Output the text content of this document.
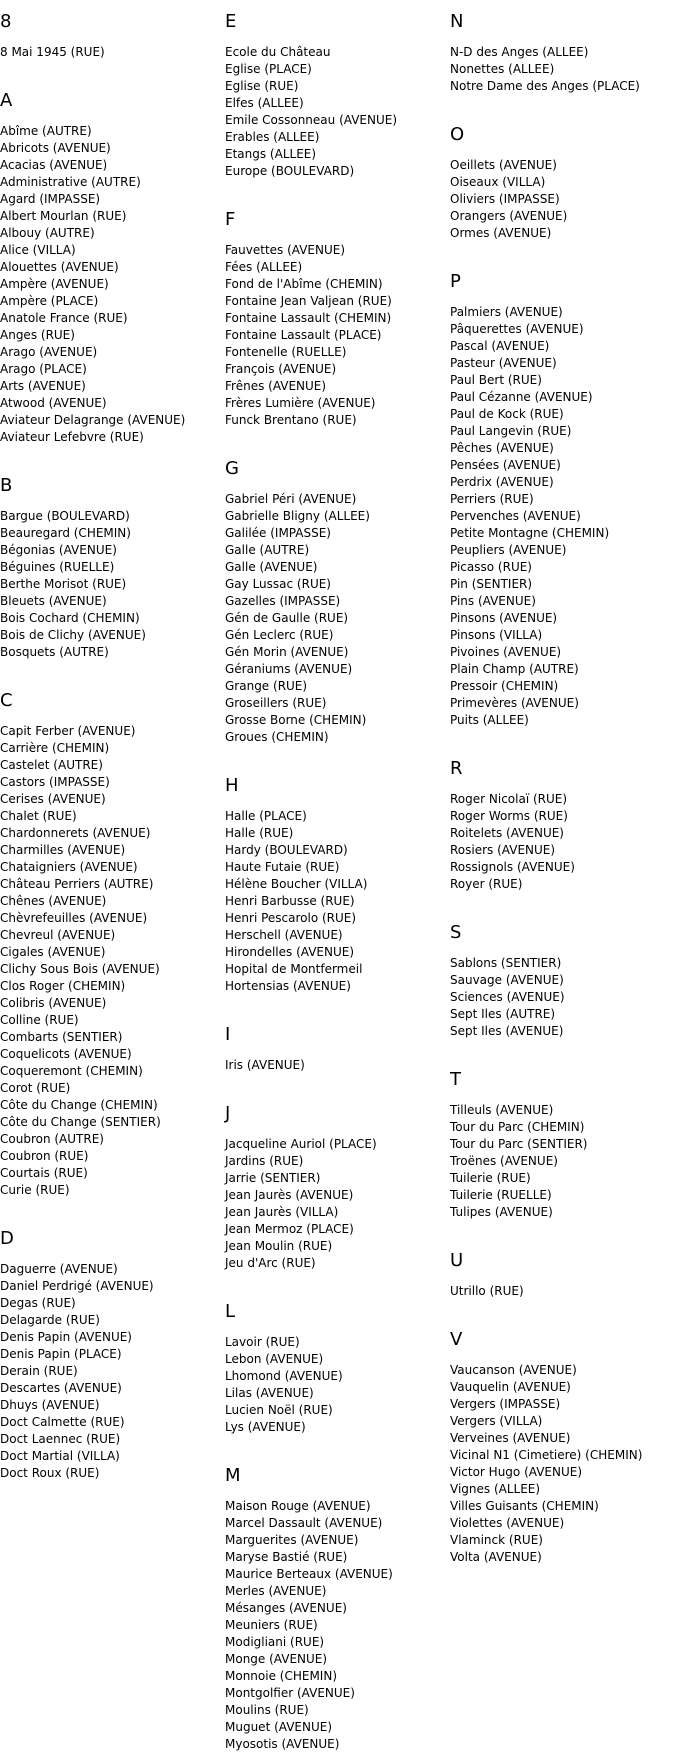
8
8 Mai 1945 (RUE)
A
Abîme (AUTRE)
Abricots (AVENUE)
Acacias (AVENUE)
Administrative (AUTRE)
Agard (IMPASSE)
Albert Mourlan (RUE)
Albouy (AUTRE)
Alice (VILLA)
Alouettes (AVENUE)
Ampère (AVENUE)
Ampère (PLACE)
Anatole France (RUE)
Anges (RUE)
Arago (AVENUE)
Arago (PLACE)
Arts (AVENUE)
Atwood (AVENUE)
Aviateur Delagrange (AVENUE)
Aviateur Lefebvre (RUE)
B
Bargue (BOULEVARD)
Beauregard (CHEMIN)
Bégonias (AVENUE)
Béguines (RUELLE)
Berthe Morisot (RUE)
Bleuets (AVENUE)
Bois Cochard (CHEMIN)
Bois de Clichy (AVENUE)
Bosquets (AUTRE)
C
Capit Ferber (AVENUE)
Carrière (CHEMIN)
Castelet (AUTRE)
Castors (IMPASSE)
Cerises (AVENUE)
Chalet (RUE)
Chardonnerets (AVENUE)
Charmilles (AVENUE)
Chataigniers (AVENUE)
Château Perriers (AUTRE)
Chênes (AVENUE)
Chèvrefeuilles (AVENUE)
Chevreul (AVENUE)
Cigales (AVENUE)
Clichy Sous Bois (AVENUE)
Clos Roger (CHEMIN)
Colibris (AVENUE)
Colline (RUE)
Combarts (SENTIER)
Coquelicots (AVENUE)
Coqueremont (CHEMIN)
Corot (RUE)
Côte du Change (CHEMIN)
Côte du Change (SENTIER)
Coubron (AUTRE)
Coubron (RUE)
Courtais (RUE)
Curie (RUE)
D
Daguerre (AVENUE)
Daniel Perdrigé (AVENUE)
Degas (RUE)
Delagarde (RUE)
Denis Papin (AVENUE)
Denis Papin (PLACE)
Derain (RUE)
Descartes (AVENUE)
Dhuys (AVENUE)
Doct Calmette (RUE)
Doct Laennec (RUE)
Doct Martial (VILLA)
Doct Roux (RUE)
E
Ecole du Château
Eglise (PLACE)
Eglise (RUE)
Elfes (ALLEE)
Emile Cossonneau (AVENUE)
Erables (ALLEE)
Etangs (ALLEE)
Europe (BOULEVARD)
F
Fauvettes (AVENUE)
Fées (ALLEE)
Fond de l'Abîme (CHEMIN)
Fontaine Jean Valjean (RUE)
Fontaine Lassault (CHEMIN)
Fontaine Lassault (PLACE)
Fontenelle (RUELLE)
François (AVENUE)
Frênes (AVENUE)
Frères Lumière (AVENUE)
Funck Brentano (RUE)
G
Gabriel Péri (AVENUE)
Gabrielle Bligny (ALLEE)
Galilée (IMPASSE)
Galle (AUTRE)
Galle (AVENUE)
Gay Lussac (RUE)
Gazelles (IMPASSE)
Gén de Gaulle (RUE)
Gén Leclerc (RUE)
Gén Morin (AVENUE)
Géraniums (AVENUE)
Grange (RUE)
Groseillers (RUE)
Grosse Borne (CHEMIN)
Groues (CHEMIN)
H
Halle (PLACE)
Halle (RUE)
Hardy (BOULEVARD)
Haute Futaie (RUE)
Hélène Boucher (VILLA)
Henri Barbusse (RUE)
Henri Pescarolo (RUE)
Herschell (AVENUE)
Hirondelles (AVENUE)
Hopital de Montfermeil
Hortensias (AVENUE)
I
Iris (AVENUE)
J
Jacqueline Auriol (PLACE)
Jardins (RUE)
Jarrie (SENTIER)
Jean Jaurès (AVENUE)
Jean Jaurès (VILLA)
Jean Mermoz (PLACE)
Jean Moulin (RUE)
Jeu d'Arc (RUE)
L
Lavoir (RUE)
Lebon (AVENUE)
Lhomond (AVENUE)
Lilas (AVENUE)
Lucien Noël (RUE)
Lys (AVENUE)
M
Maison Rouge (AVENUE)
Marcel Dassault (AVENUE)
Marguerites (AVENUE)
Maryse Bastié (RUE)
Maurice Berteaux (AVENUE)
Merles (AVENUE)
Mésanges (AVENUE)
Meuniers (RUE)
Modigliani (RUE)
Monge (AVENUE)
Monnoie (CHEMIN)
Montgolfier (AVENUE)
Moulins (RUE)
Muguet (AVENUE)
Myosotis (AVENUE)
N
N-D des Anges (ALLEE)
Nonettes (ALLEE)
Notre Dame des Anges (PLACE)
O
Oeillets (AVENUE)
Oiseaux (VILLA)
Oliviers (IMPASSE)
Orangers (AVENUE)
Ormes (AVENUE)
P
Palmiers (AVENUE)
Pâquerettes (AVENUE)
Pascal (AVENUE)
Pasteur (AVENUE)
Paul Bert (RUE)
Paul Cézanne (AVENUE)
Paul de Kock (RUE)
Paul Langevin (RUE)
Pêches (AVENUE)
Pensées (AVENUE)
Perdrix (AVENUE)
Perriers (RUE)
Pervenches (AVENUE)
Petite Montagne (CHEMIN)
Peupliers (AVENUE)
Picasso (RUE)
Pin (SENTIER)
Pins (AVENUE)
Pinsons (AVENUE)
Pinsons (VILLA)
Pivoines (AVENUE)
Plain Champ (AUTRE)
Pressoir (CHEMIN)
Primevères (AVENUE)
Puits (ALLEE)
R
Roger Nicolaï (RUE)
Roger Worms (RUE)
Roitelets (AVENUE)
Rosiers (AVENUE)
Rossignols (AVENUE)
Royer (RUE)
S
Sablons (SENTIER)
Sauvage (AVENUE)
Sciences (AVENUE)
Sept Iles (AUTRE)
Sept Iles (AVENUE)
T
Tilleuls (AVENUE)
Tour du Parc (CHEMIN)
Tour du Parc (SENTIER)
Troënes (AVENUE)
Tuilerie (RUE)
Tuilerie (RUELLE)
Tulipes (AVENUE)
U
Utrillo (RUE)
V
Vaucanson (AVENUE)
Vauquelin (AVENUE)
Vergers (IMPASSE)
Vergers (VILLA)
Verveines (AVENUE)
Vicinal N1 (Cimetiere) (CHEMIN)
Victor Hugo (AVENUE)
Vignes (ALLEE)
Villes Guisants (CHEMIN)
Violettes (AVENUE)
Vlaminck (RUE)
Volta (AVENUE)
